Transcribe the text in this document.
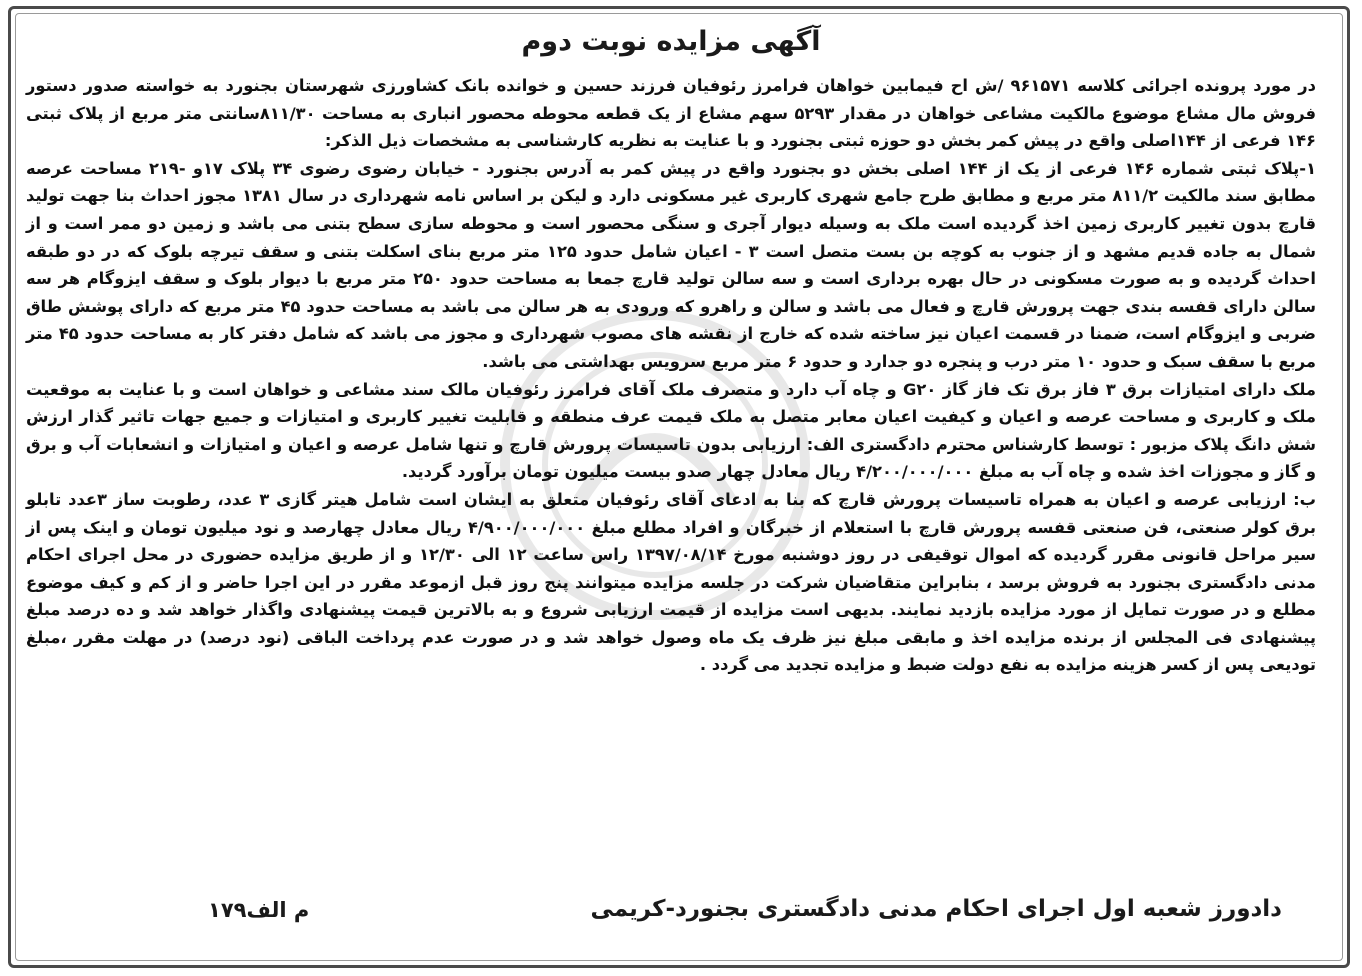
آگهی مزایده نوبت دوم

در مورد پرونده اجرائی کلاسه ۹۶۱۵۷۱ /ش اح فیمابین خواهان فرامرز رئوفیان فرزند حسین و خوانده بانک کشاورزی شهرستان بجنورد به خواسته صدور دستور فروش مال مشاع موضوع مالکیت مشاعی خواهان در مقدار ۵۲۹۳ سهم مشاع از یک قطعه محوطه محصور انباری به مساحت ۸۱۱/۳۰سانتی متر مربع از پلاک ثبتی ۱۴۶ فرعی از ۱۴۴اصلی واقع در پیش کمر بخش دو حوزه ثبتی بجنورد و با عنایت به نظریه کارشناسی به مشخصات ذیل الذکر:

۱-پلاک ثبتی شماره ۱۴۶ فرعی از یک از ۱۴۴ اصلی بخش دو بجنورد واقع در پیش کمر به آدرس بجنورد - خیابان رضوی رضوی ۳۴ پلاک ۱۷و -۲۱۹ مساحت عرصه مطابق سند مالکیت ۸۱۱/۲ متر مربع و مطابق طرح جامع شهری کاربری غیر مسکونی دارد و لیکن بر اساس نامه شهرداری در سال ۱۳۸۱ مجوز احداث بنا جهت تولید قارچ بدون تغییر کاربری زمین اخذ گردیده است ملک به وسیله دیوار آجری و سنگی محصور است و محوطه سازی سطح بتنی می باشد و زمین دو ممر است و از شمال به جاده قدیم مشهد و از جنوب به کوچه بن بست متصل است ۳ - اعیان شامل حدود ۱۲۵ متر مربع بنای اسکلت بتنی و سقف تیرچه بلوک که در دو طبقه احداث گردیده و به صورت مسکونی در حال بهره برداری است و سه سالن تولید قارچ جمعا به مساحت حدود ۲۵۰ متر مربع با دیوار بلوک و سقف ایزوگام هر سه سالن دارای قفسه بندی جهت پرورش قارچ و فعال می باشد و سالن و راهرو که ورودی به هر سالن می باشد به مساحت حدود ۴۵ متر مربع که دارای پوشش طاق ضربی و ایزوگام است، ضمنا در قسمت اعیان نیز ساخته شده که خارج از نقشه های مصوب شهرداری و مجوز می باشد که شامل دفتر کار به مساحت حدود ۴۵ متر مربع با سقف سبک و حدود ۱۰ متر درب و پنجره دو جدارد و حدود ۶ متر مربع سرویس بهداشتی می باشد.

ملک دارای امتیازات برق ۳ فاز برق تک فاز گاز G۲۰ و چاه آب دارد و متصرف ملک آقای فرامرز رئوفیان مالک سند مشاعی و خواهان است و با عنایت به موقعیت ملک و کاربری و مساحت عرصه و اعیان و کیفیت اعیان معابر متصل به ملک قیمت عرف منطقه و قابلیت تغییر کاربری و امتیازات و جمیع جهات تاثیر گذار ارزش شش دانگ پلاک مزبور : توسط کارشناس محترم دادگستری الف: ارزیابی بدون تاسیسات پرورش قارچ و تنها شامل عرصه و اعیان و امتیازات و انشعابات آب و برق و گاز و مجوزات اخذ شده و چاه آب به مبلغ ۴/۲۰۰/۰۰۰/۰۰۰ ریال معادل چهار صدو بیست میلیون تومان برآورد گردید.

ب: ارزیابی عرصه و اعیان به همراه تاسیسات پرورش قارچ که بنا به ادعای آقای رئوفیان متعلق به ایشان است شامل هیتر گازی ۳ عدد، رطوبت ساز ۳عدد تابلو برق کولر صنعتی، فن صنعتی قفسه پرورش قارچ با استعلام از خبرگان و افراد مطلع مبلغ ۴/۹۰۰/۰۰۰/۰۰۰ ریال معادل چهارصد و نود میلیون تومان و اینک پس از سیر مراحل قانونی مقرر گردیده که اموال توقیفی در روز دوشنبه مورخ ۱۳۹۷/۰۸/۱۴ راس ساعت ۱۲ الی ۱۲/۳۰ و از طریق مزایده حضوری در محل اجرای احکام مدنی دادگستری بجنورد به فروش برسد ، بنابراین متقاضیان شرکت در جلسه مزایده میتوانند پنج روز قبل ازموعد مقرر در این اجرا حاضر و از کم و کیف موضوع مطلع و در صورت تمایل از مورد مزایده بازدید نمایند. بدیهی است مزایده از قیمت ارزیابی شروع و به بالاترین قیمت پیشنهادی واگذار خواهد شد و ده درصد مبلغ پیشنهادی فی المجلس از برنده مزایده اخذ و مابقی مبلغ نیز ظرف یک ماه وصول خواهد شد و در صورت عدم پرداخت الباقی (نود درصد) در مهلت مقرر ،مبلغ تودیعی پس از کسر هزینه مزایده به نفع دولت ضبط و مزایده تجدید می گردد .

دادورز شعبه اول اجرای احکام مدنی دادگستری بجنورد-کریمی
م الف۱۷۹
